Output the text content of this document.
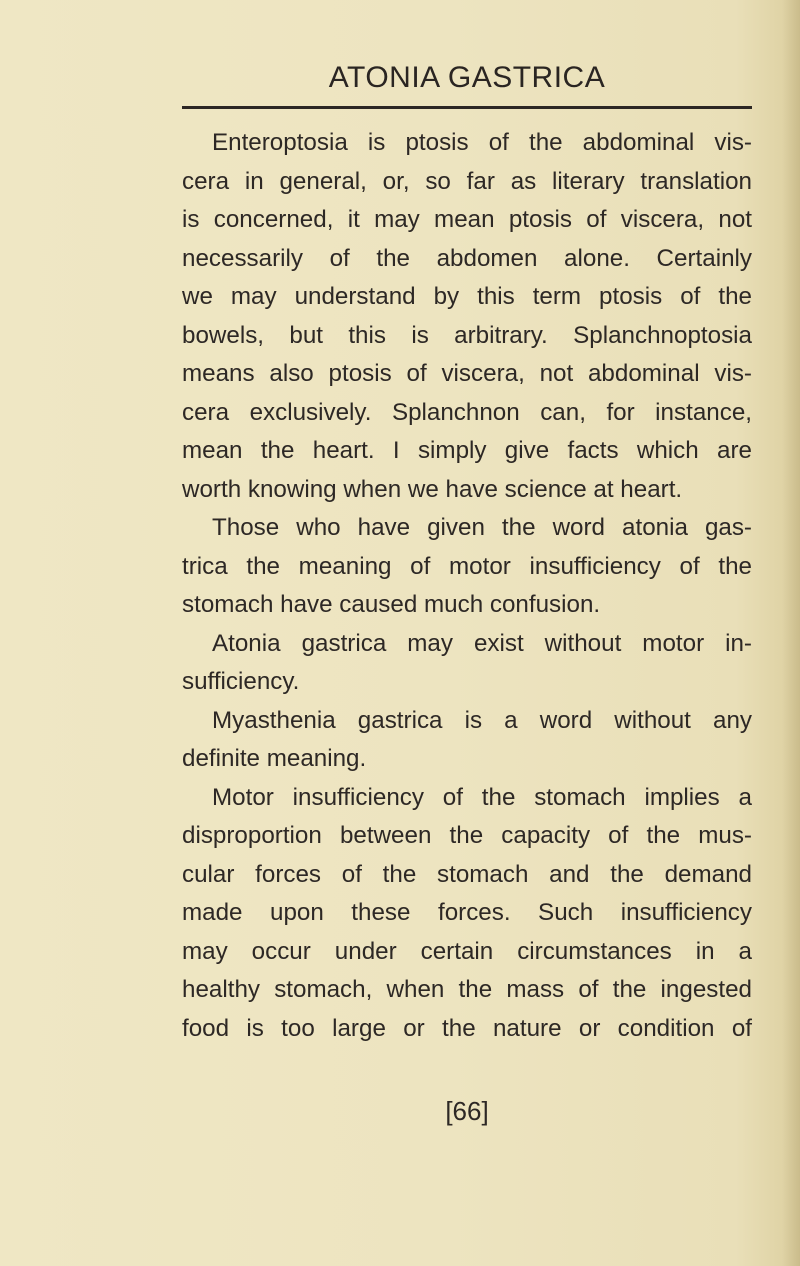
ATONIA GASTRICA
Enteroptosia is ptosis of the abdominal vis-
cera in general, or, so far as literary translation
is concerned, it may mean ptosis of viscera, not
necessarily of the abdomen alone. Certainly
we may understand by this term ptosis of the
bowels, but this is arbitrary. Splanchnoptosia
means also ptosis of viscera, not abdominal vis-
cera exclusively. Splanchnon can, for instance,
mean the heart. I simply give facts which are
worth knowing when we have science at heart.
Those who have given the word atonia gas-
trica the meaning of motor insufficiency of the
stomach have caused much confusion.
Atonia gastrica may exist without motor in-
sufficiency.
Myasthenia gastrica is a word without any
definite meaning.
Motor insufficiency of the stomach implies a
disproportion between the capacity of the mus-
cular forces of the stomach and the demand
made upon these forces. Such insufficiency
may occur under certain circumstances in a
healthy stomach, when the mass of the ingested
food is too large or the nature or condition of
[66]
